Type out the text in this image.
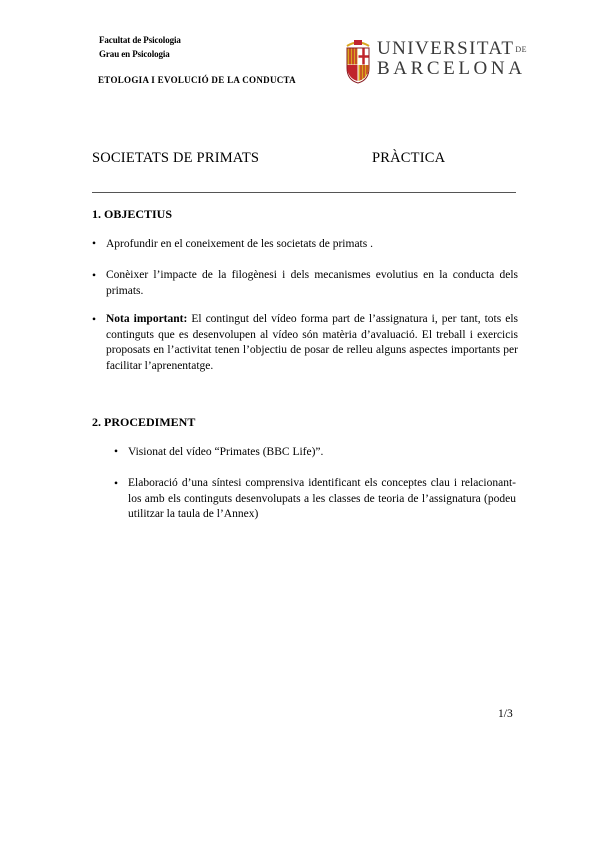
Facultat de Psicologia
Grau en Psicologia
ETOLOGIA I EVOLUCIÓ DE LA CONDUCTA
UNIVERSITATDE
BARCELONA
SOCIETATS DE PRIMATS	PRÀCTICA
1. OBJECTIUS
• Aprofundir en el coneixement de les societats de primats .
• Conèixer l’impacte de la filogènesi i dels mecanismes evolutius en la conducta dels primats.
• Nota important: El contingut del vídeo forma part de l’assignatura i, per tant, tots els continguts que es desenvolupen al vídeo són matèria d’avaluació. El treball i exercicis proposats en l’activitat tenen l’objectiu de posar de relleu alguns aspectes importants per facilitar l’aprenentatge.
2. PROCEDIMENT
• Visionat del vídeo “Primates (BBC Life)”.
• Elaboració d’una síntesi comprensiva identificant els conceptes clau i relacionant-los amb els continguts desenvolupats a les classes de teoria de l’assignatura (podeu utilitzar la taula de l’Annex)
1/3
